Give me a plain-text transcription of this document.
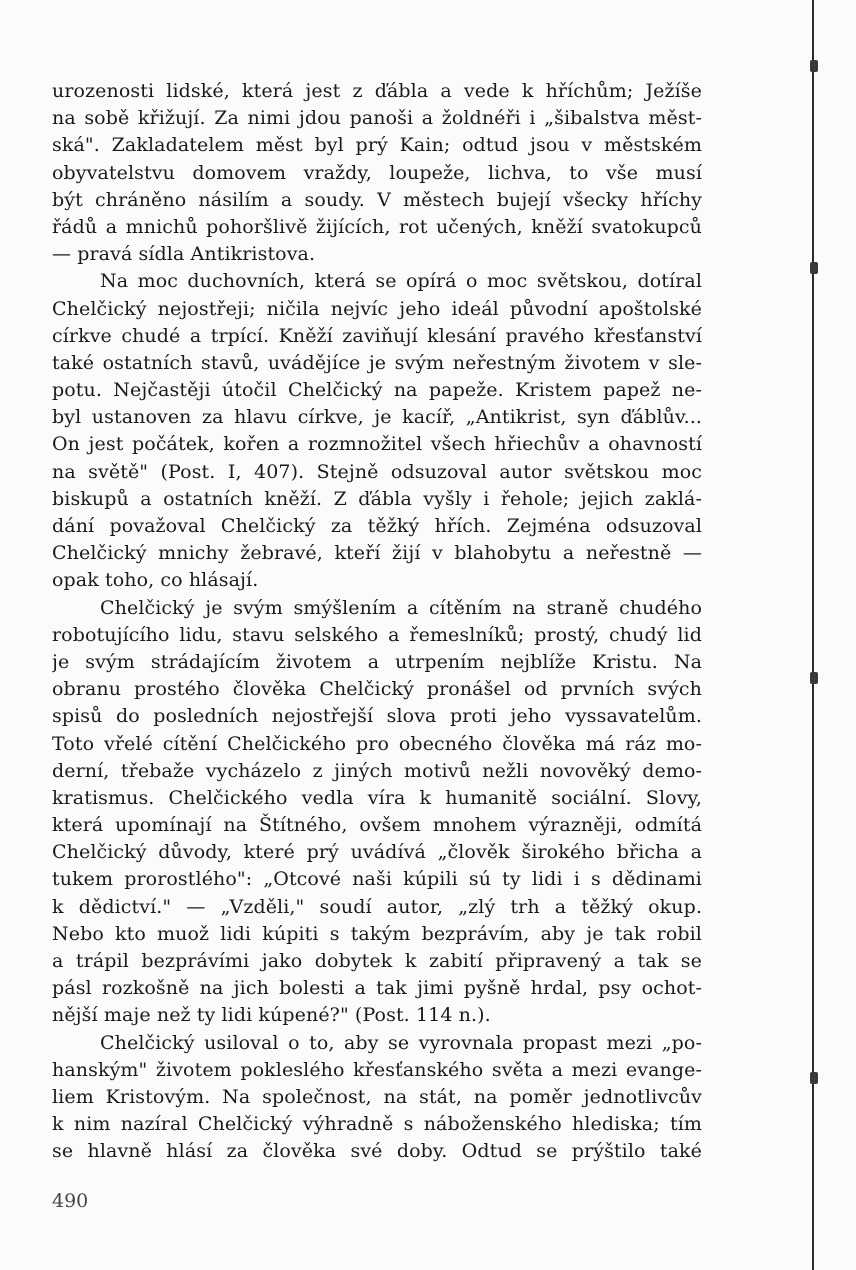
urozenosti lidské, která jest z ďábla a vede k hříchům; Ježíše
na sobě křižují. Za nimi jdou panoši a žoldnéři i „šibalstva měst-
ská". Zakladatelem měst byl prý Kain; odtud jsou v městském
obyvatelstvu domovem vraždy, loupeže, lichva, to vše musí
být chráněno násilím a soudy. V městech bujejí všecky hříchy
řádů a mnichů pohoršlivě žijících, rot učených, kněží svatokupců
— pravá sídla Antikristova.
Na moc duchovních, která se opírá o moc světskou, dotíral
Chelčický nejostřeji; ničila nejvíc jeho ideál původní apoštolské
církve chudé a trpící. Kněží zaviňují klesání pravého křesťanství
také ostatních stavů, uvádějíce je svým neřestným životem v sle-
potu. Nejčastěji útočil Chelčický na papeže. Kristem papež ne-
byl ustanoven za hlavu církve, je kacíř, „Antikrist, syn ďáblův...
On jest počátek, kořen a rozmnožitel všech hřiechův a ohavností
na světě" (Post. I, 407). Stejně odsuzoval autor světskou moc
biskupů a ostatních kněží. Z ďábla vyšly i řehole; jejich zaklá-
dání považoval Chelčický za těžký hřích. Zejména odsuzoval
Chelčický mnichy žebravé, kteří žijí v blahobytu a neřestně —
opak toho, co hlásají.
Chelčický je svým smýšlením a cítěním na straně chudého
robotujícího lidu, stavu selského a řemeslníků; prostý, chudý lid
je svým strádajícím životem a utrpením nejblíže Kristu. Na
obranu prostého člověka Chelčický pronášel od prvních svých
spisů do posledních nejostřejší slova proti jeho vyssavatelům.
Toto vřelé cítění Chelčického pro obecného člověka má ráz mo-
derní, třebaže vycházelo z jiných motivů nežli novověký demo-
kratismus. Chelčického vedla víra k humanitě sociální. Slovy,
která upomínají na Štítného, ovšem mnohem výrazněji, odmítá
Chelčický důvody, které prý uvádívá „člověk širokého břicha a
tukem prorostlého": „Otcové naši kúpili sú ty lidi i s dědinami
k dědictví." — „Vzděli," soudí autor, „zlý trh a těžký okup.
Nebo kto muož lidi kúpiti s takým bezprávím, aby je tak robil
a trápil bezprávími jako dobytek k zabití připravený a tak se
pásl rozkošně na jich bolesti a tak jimi pyšně hrdal, psy ochot-
nější maje než ty lidi kúpené?" (Post. 114 n.).
Chelčický usiloval o to, aby se vyrovnala propast mezi „po-
hanským" životem pokleslého křesťanského světa a mezi evange-
liem Kristovým. Na společnost, na stát, na poměr jednotlivcův
k nim nazíral Chelčický výhradně s náboženského hlediska; tím
se hlavně hlásí za člověka své doby. Odtud se prýštilo také
490
